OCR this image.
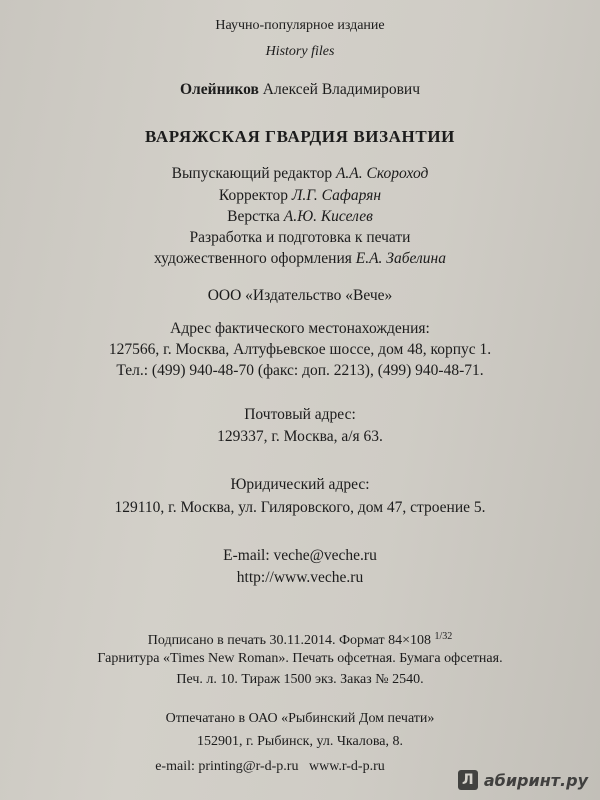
Научно-популярное издание
History files
Олейников Алексей Владимирович
ВАРЯЖСКАЯ ГВАРДИЯ ВИЗАНТИИ
Выпускающий редактор А.А. Скороход
Корректор Л.Г. Сафарян
Верстка А.Ю. Киселев
Разработка и подготовка к печати
художественного оформления Е.А. Забелина
ООО «Издательство «Вече»
Адрес фактического местонахождения:
127566, г. Москва, Алтуфьевское шоссе, дом 48, корпус 1.
Тел.: (499) 940-48-70 (факс: доп. 2213), (499) 940-48-71.
Почтовый адрес:
129337, г. Москва, а/я 63.
Юридический адрес:
129110, г. Москва, ул. Гиляровского, дом 47, строение 5.
E-mail: veche@veche.ru
http://www.veche.ru
Подписано в печать 30.11.2014. Формат 84×108 $^{1/32}$
Гарнитура «Times New Roman». Печать офсетная. Бумага офсетная.
Печ. л. 10. Тираж 1500 экз. Заказ № 2540.
Отпечатано в ОАО «Рыбинский Дом печати»
152901, г. Рыбинск, ул. Чкалова, 8.
e-mail: printing@r-d-p.ru www.r-d-p.ru
Л абиринт.ру
